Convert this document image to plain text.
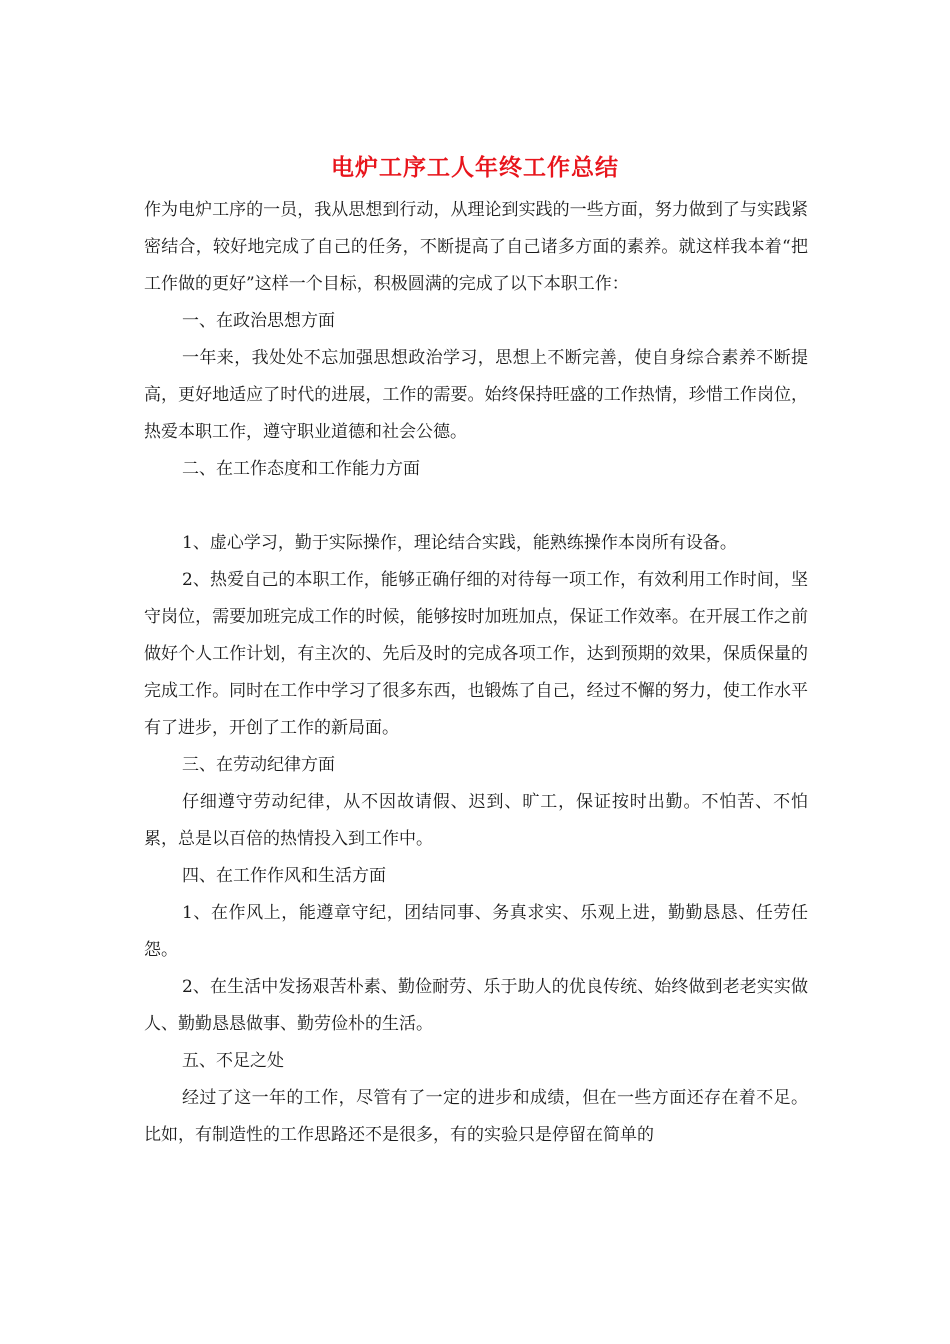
电炉工序工人年终工作总结

作为电炉工序的一员，我从思想到行动，从理论到实践的一些方面，努力做到了与实践紧密结合，较好地完成了自己的任务，不断提高了自己诸多方面的素养。就这样我本着“把工作做的更好”这样一个目标，积极圆满的完成了以下本职工作：

一、在政治思想方面

一年来，我处处不忘加强思想政治学习，思想上不断完善，使自身综合素养不断提高，更好地适应了时代的进展，工作的需要。始终保持旺盛的工作热情，珍惜工作岗位，热爱本职工作，遵守职业道德和社会公德。

二、在工作态度和工作能力方面

1、虚心学习，勤于实际操作，理论结合实践，能熟练操作本岗所有设备。

2、热爱自己的本职工作，能够正确仔细的对待每一项工作，有效利用工作时间，坚守岗位，需要加班完成工作的时候，能够按时加班加点，保证工作效率。在开展工作之前做好个人工作计划，有主次的、先后及时的完成各项工作，达到预期的效果，保质保量的完成工作。同时在工作中学习了很多东西，也锻炼了自己，经过不懈的努力，使工作水平有了进步，开创了工作的新局面。

三、在劳动纪律方面

仔细遵守劳动纪律，从不因故请假、迟到、旷工，保证按时出勤。不怕苦、不怕累，总是以百倍的热情投入到工作中。

四、在工作作风和生活方面

1、在作风上，能遵章守纪，团结同事、务真求实、乐观上进，勤勤恳恳、任劳任怨。

2、在生活中发扬艰苦朴素、勤俭耐劳、乐于助人的优良传统、始终做到老老实实做人、勤勤恳恳做事、勤劳俭朴的生活。

五、不足之处

经过了这一年的工作，尽管有了一定的进步和成绩，但在一些方面还存在着不足。比如，有制造性的工作思路还不是很多，有的实验只是停留在简单的
